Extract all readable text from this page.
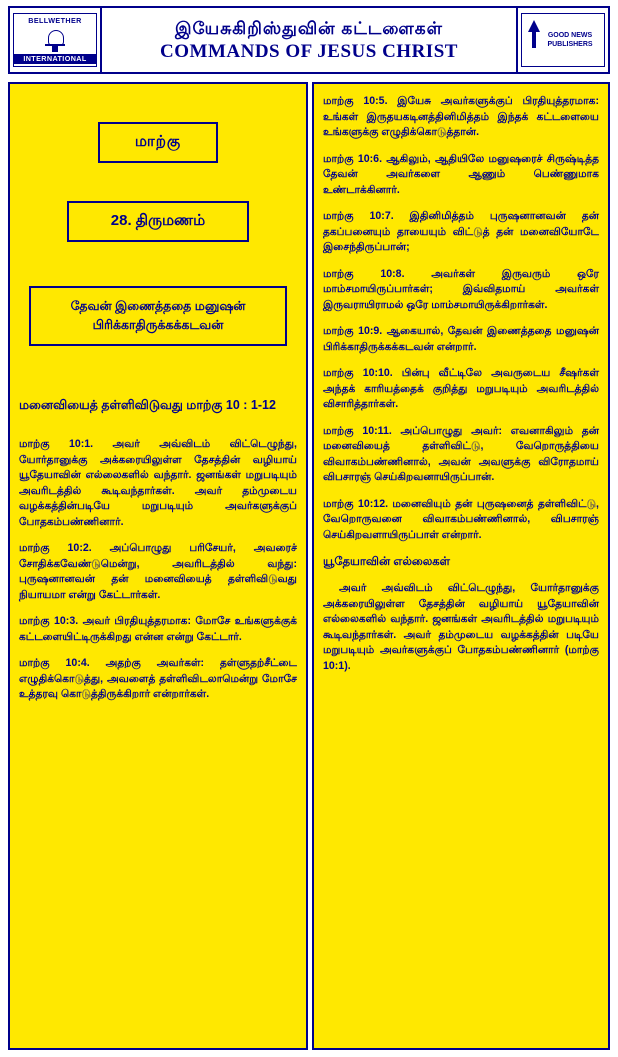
BELLWETHER
INTERNATIONAL
இயேசுகிறிஸ்துவின் கட்டளைகள்
COMMANDS OF JESUS CHRIST
GOOD NEWS
PUBLISHERS
மாற்கு
28. திருமணம்
தேவன் இணைத்ததை மனுஷன் பிரிக்காதிருக்கக்கடவன்
மனைவியைத் தள்ளிவிடுவது மாற்கு 10 : 1-12

மாற்கு 10:1. அவர் அவ்விடம் விட்டெழுந்து, யோர்தானுக்கு அக்கரையிலுள்ள தேசத்தின் வழியாய் யூதேயாவின் எல்லைகளில் வந்தார். ஜனங்கள் மறுபடியும் அவரிடத்தில் கூடிவந்தார்கள். அவர் தம்முடைய வழக்கத்தின்படியே மறுபடியும் அவர்களுக்குப் போதகம்பண்ணினார்.

மாற்கு 10:2. அப்பொழுது பரிசேயர், அவரைச் சோதிக்கவேண்டுமென்று, அவரிடத்தில் வந்து: புருஷனானவன் தன் மனைவியைத் தள்ளிவிடுவது நியாயமா என்று கேட்டார்கள்.

மாற்கு 10:3. அவர் பிரதியுத்தரமாக: மோசே உங்களுக்குக் கட்டளையிட்டிருக்கிறது என்ன என்று கேட்டார்.

மாற்கு 10:4. அதற்கு அவர்கள்: தள்ளுதற்சீட்டை எழுதிக்கொடுத்து, அவளைத் தள்ளிவிடலாமென்று மோசே உத்தரவு கொடுத்திருக்கிறார் என்றார்கள்.

மாற்கு 10:5. இயேசு அவர்களுக்குப் பிரதியுத்தரமாக: உங்கள் இருதயகடினத்தினிமித்தம் இந்தக் கட்டளையை உங்களுக்கு எழுதிக்கொடுத்தான்.

மாற்கு 10:6. ஆகிலும், ஆதியிலே மனுஷரைச் சிருஷ்டித்த தேவன் அவர்களை ஆணும் பெண்ணுமாக உண்டாக்கினார்.

மாற்கு 10:7. இதினிமித்தம் புருஷனானவன் தன் தகப்பனையும் தாயையும் விட்டுத் தன் மனைவியோடே இசைந்திருப்பான்;

மாற்கு 10:8. அவர்கள் இருவரும் ஒரே மாம்சமாயிருப்பார்கள்; இவ்விதமாய் அவர்கள் இருவராயிராமல் ஒரே மாம்சமாயிருக்கிறார்கள்.

மாற்கு 10:9. ஆகையால், தேவன் இணைத்ததை மனுஷன் பிரிக்காதிருக்கக்கடவன் என்றார்.

மாற்கு 10:10. பின்பு வீட்டிலே அவருடைய சீஷர்கள் அந்தக் காரியத்தைக் குறித்து மறுபடியும் அவரிடத்தில் விசாரித்தார்கள்.

மாற்கு 10:11. அப்பொழுது அவர்: எவனாகிலும் தன் மனைவியைத் தள்ளிவிட்டு, வேறொருத்தியை விவாகம்பண்ணினால், அவன் அவளுக்கு விரோதமாய் விபசாரஞ் செய்கிறவனாயிருப்பான்.

மாற்கு 10:12. மனைவியும் தன் புருஷனைத் தள்ளிவிட்டு, வேறொருவனை விவாகம்பண்ணினால், விபசாரஞ் செய்கிறவளாயிருப்பாள் என்றார்.

யூதேயாவின் எல்லைகள்

அவர் அவ்விடம் விட்டெழுந்து, யோர்தானுக்கு அக்கரையிலுள்ள தேசத்தின் வழியாய் யூதேயாவின் எல்லைகளில் வந்தார். ஜனங்கள் அவரிடத்தில் மறுபடியும் கூடிவந்தார்கள். அவர் தம்முடைய வழக்கத்தின் படியே மறுபடியும் அவர்களுக்குப் போதகம்பண்ணினார் (மாற்கு 10:1).
